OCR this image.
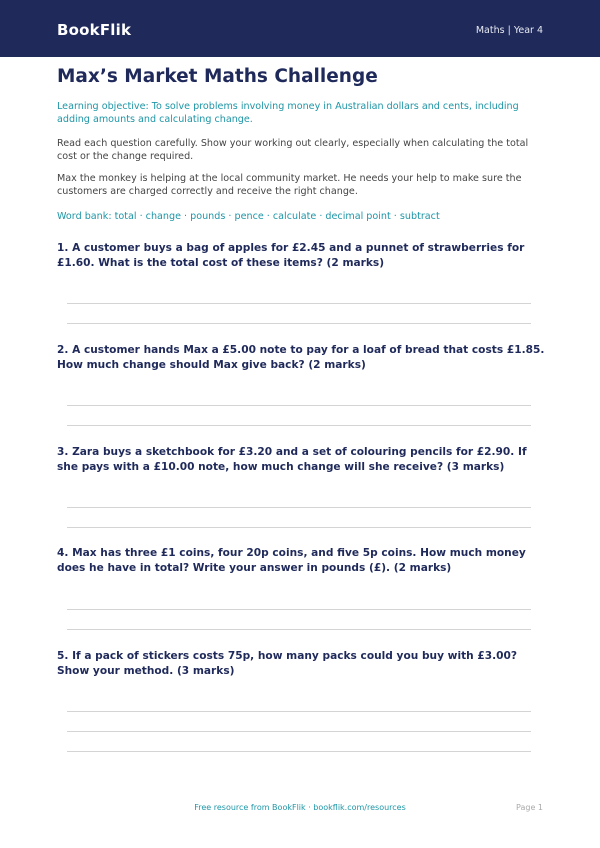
BookFlik	Maths | Year 4
Max’s Market Maths Challenge

Learning objective: To solve problems involving money in Australian dollars and cents, including adding amounts and calculating change.

Read each question carefully. Show your working out clearly, especially when calculating the total cost or the change required.

Max the monkey is helping at the local community market. He needs your help to make sure the customers are charged correctly and receive the right change.

Word bank: total · change · pounds · pence · calculate · decimal point · subtract

1. A customer buys a bag of apples for £2.45 and a punnet of strawberries for £1.60. What is the total cost of these items? (2 marks)

2. A customer hands Max a £5.00 note to pay for a loaf of bread that costs £1.85. How much change should Max give back? (2 marks)

3. Zara buys a sketchbook for £3.20 and a set of colouring pencils for £2.90. If she pays with a £10.00 note, how much change will she receive? (3 marks)

4. Max has three £1 coins, four 20p coins, and five 5p coins. How much money does he have in total? Write your answer in pounds (£). (2 marks)

5. If a pack of stickers costs 75p, how many packs could you buy with £3.00? Show your method. (3 marks)

Free resource from BookFlik · bookflik.com/resources	Page 1
